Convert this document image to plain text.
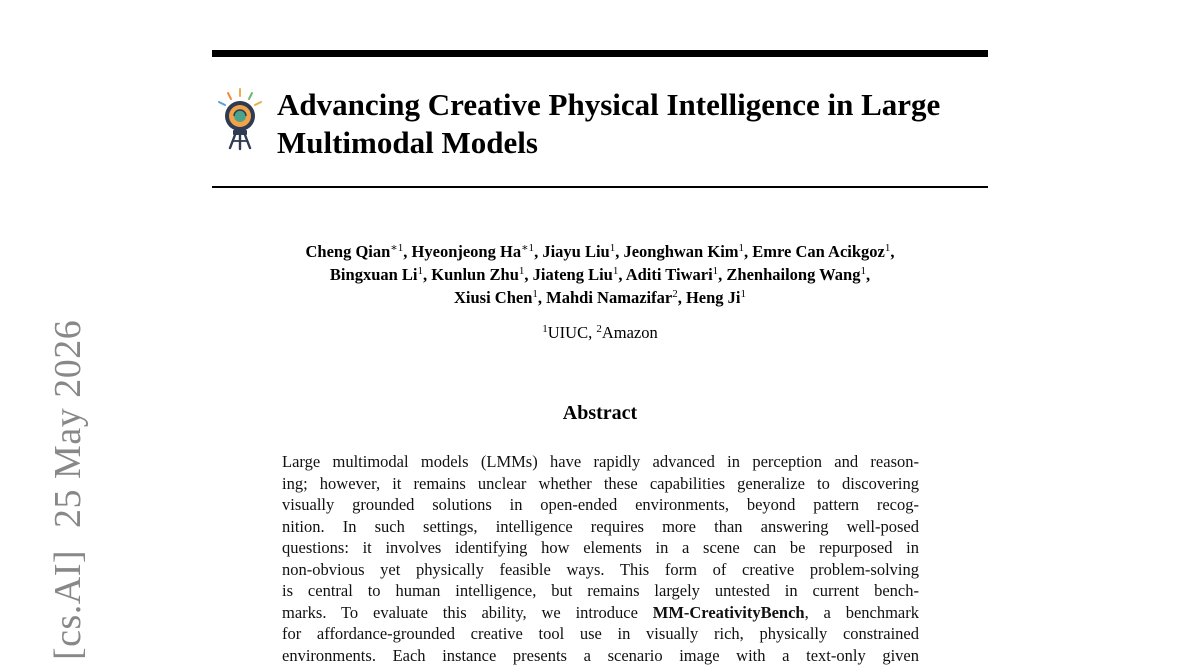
Advancing Creative Physical Intelligence in Large
Multimodal Models
Cheng Qian$^{∗1}$, Hyeonjeong $Ha^{∗1}$, Jiayu Liu$^1$, Jeonghwan Kim$^1$, Emre Can Acikgoz$^1$,
Bingxuan Li$^1$, Kunlun Zhu$^1$, Jiateng Liu$^1$, Aditi Tiwari$^1$, Zhenhailong Wang$^1$,
Xiusi Chen$^1$, Mahdi Namazifar$^2$, Heng Ji$^1$
$^1$UIUC, $^2$Amazon
Abstract
Large multimodal models (LMMs) have rapidly advanced in perception and reason-
ing; however, it remains unclear whether these capabilities generalize to discovering
visually grounded solutions in open-ended environments, beyond pattern recog-
nition. In such settings, intelligence requires more than answering well-posed
questions: it involves identifying how elements in a scene can be repurposed in
non-obvious yet physically feasible ways. This form of creative problem-solving
is central to human intelligence, but remains largely untested in current bench-
marks. To evaluate this ability, we introduce MM-CreativityBench, a benchmark
for affordance-grounded creative tool use in visually rich, physically constrained
environments. Each instance presents a scenario image with a text-only given
[cs.AI]25 May 2026
